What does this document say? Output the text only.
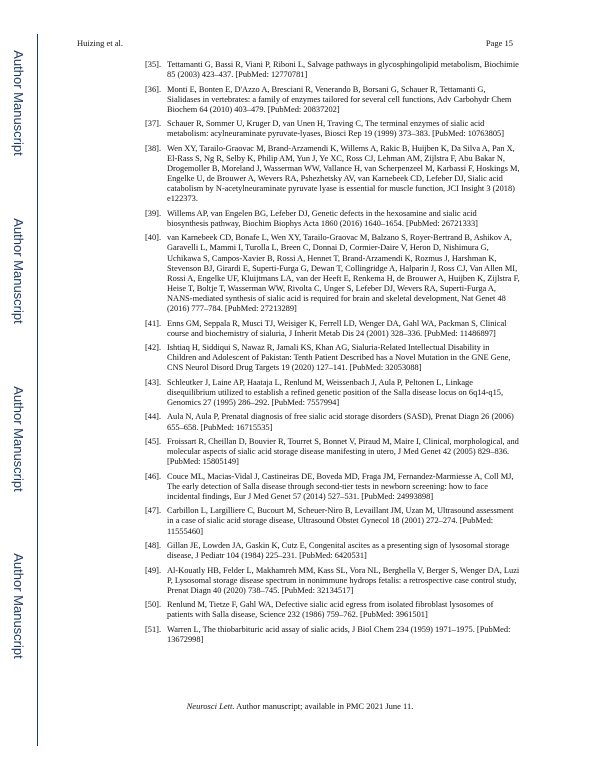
Huizing et al.	Page 15
Author Manuscript
Author Manuscript
Author Manuscript
Author Manuscript
[35]. Tettamanti G, Bassi R, Viani P, Riboni L, Salvage pathways in glycosphingolipid metabolism, Biochimie 85 (2003) 423–437. [PubMed: 12770781]
[36]. Monti E, Bonten E, D'Azzo A, Bresciani R, Venerando B, Borsani G, Schauer R, Tettamanti G, Sialidases in vertebrates: a family of enzymes tailored for several cell functions, Adv Carbohydr Chem Biochem 64 (2010) 403–479. [PubMed: 20837202]
[37]. Schauer R, Sommer U, Kruger D, van Unen H, Traving C, The terminal enzymes of sialic acid metabolism: acylneuraminate pyruvate-lyases, Biosci Rep 19 (1999) 373–383. [PubMed: 10763805]
[38]. Wen XY, Tarailo-Graovac M, Brand-Arzamendi K, Willems A, Rakic B, Huijben K, Da Silva A, Pan X, El-Rass S, Ng R, Selby K, Philip AM, Yun J, Ye XC, Ross CJ, Lehman AM, Zijlstra F, Abu Bakar N, Drogemoller B, Moreland J, Wasserman WW, Vallance H, van Scherpenzeel M, Karbassi F, Hoskings M, Engelke U, de Brouwer A, Wevers RA, Pshezhetsky AV, van Karnebeek CD, Lefeber DJ, Sialic acid catabolism by N-acetylneuraminate pyruvate lyase is essential for muscle function, JCI Insight 3 (2018) e122373.
[39]. Willems AP, van Engelen BG, Lefeber DJ, Genetic defects in the hexosamine and sialic acid biosynthesis pathway, Biochim Biophys Acta 1860 (2016) 1640–1654. [PubMed: 26721333]
[40]. van Karnebeek CD, Bonafe L, Wen XY, Tarailo-Graovac M, Balzano S, Royer-Bertrand B, Ashikov A, Garavelli L, Mammi I, Turolla L, Breen C, Donnai D, Cormier-Daire V, Heron D, Nishimura G, Uchikawa S, Campos-Xavier B, Rossi A, Hennet T, Brand-Arzamendi K, Rozmus J, Harshman K, Stevenson BJ, Girardi E, Superti-Furga G, Dewan T, Collingridge A, Halparin J, Ross CJ, Van Allen MI, Rossi A, Engelke UF, Kluijtmans LA, van der Heeft E, Renkema H, de Brouwer A, Huijben K, Zijlstra F, Heise T, Boltje T, Wasserman WW, Rivolta C, Unger S, Lefeber DJ, Wevers RA, Superti-Furga A, NANS-mediated synthesis of sialic acid is required for brain and skeletal development, Nat Genet 48 (2016) 777–784. [PubMed: 27213289]
[41]. Enns GM, Seppala R, Musci TJ, Weisiger K, Ferrell LD, Wenger DA, Gahl WA, Packman S, Clinical course and biochemistry of sialuria, J Inherit Metab Dis 24 (2001) 328–336. [PubMed: 11486897]
[42]. Ishtiaq H, Siddiqui S, Nawaz R, Jamali KS, Khan AG, Sialuria-Related Intellectual Disability in Children and Adolescent of Pakistan: Tenth Patient Described has a Novel Mutation in the GNE Gene, CNS Neurol Disord Drug Targets 19 (2020) 127–141. [PubMed: 32053088]
[43]. Schleutker J, Laine AP, Haataja L, Renlund M, Weissenbach J, Aula P, Peltonen L, Linkage disequilibrium utilized to establish a refined genetic position of the Salla disease locus on 6q14-q15, Genomics 27 (1995) 286–292. [PubMed: 7557994]
[44]. Aula N, Aula P, Prenatal diagnosis of free sialic acid storage disorders (SASD), Prenat Diagn 26 (2006) 655–658. [PubMed: 16715535]
[45]. Froissart R, Cheillan D, Bouvier R, Tourret S, Bonnet V, Piraud M, Maire I, Clinical, morphological, and molecular aspects of sialic acid storage disease manifesting in utero, J Med Genet 42 (2005) 829–836. [PubMed: 15805149]
[46]. Couce ML, Macias-Vidal J, Castineiras DE, Boveda MD, Fraga JM, Fernandez-Marmiesse A, Coll MJ, The early detection of Salla disease through second-tier tests in newborn screening: how to face incidental findings, Eur J Med Genet 57 (2014) 527–531. [PubMed: 24993898]
[47]. Carbillon L, Largilliere C, Bucourt M, Scheuer-Niro B, Levaillant JM, Uzan M, Ultrasound assessment in a case of sialic acid storage disease, Ultrasound Obstet Gynecol 18 (2001) 272–274. [PubMed: 11555460]
[48]. Gillan JE, Lowden JA, Gaskin K, Cutz E, Congenital ascites as a presenting sign of lysosomal storage disease, J Pediatr 104 (1984) 225–231. [PubMed: 6420531]
[49]. Al-Kouatly HB, Felder L, Makhamreh MM, Kass SL, Vora NL, Berghella V, Berger S, Wenger DA, Luzi P, Lysosomal storage disease spectrum in nonimmune hydrops fetalis: a retrospective case control study, Prenat Diagn 40 (2020) 738–745. [PubMed: 32134517]
[50]. Renlund M, Tietze F, Gahl WA, Defective sialic acid egress from isolated fibroblast lysosomes of patients with Salla disease, Science 232 (1986) 759–762. [PubMed: 3961501]
[51]. Warren L, The thiobarbituric acid assay of sialic acids, J Biol Chem 234 (1959) 1971–1975. [PubMed: 13672998]
Neurosci Lett. Author manuscript; available in PMC 2021 June 11.
